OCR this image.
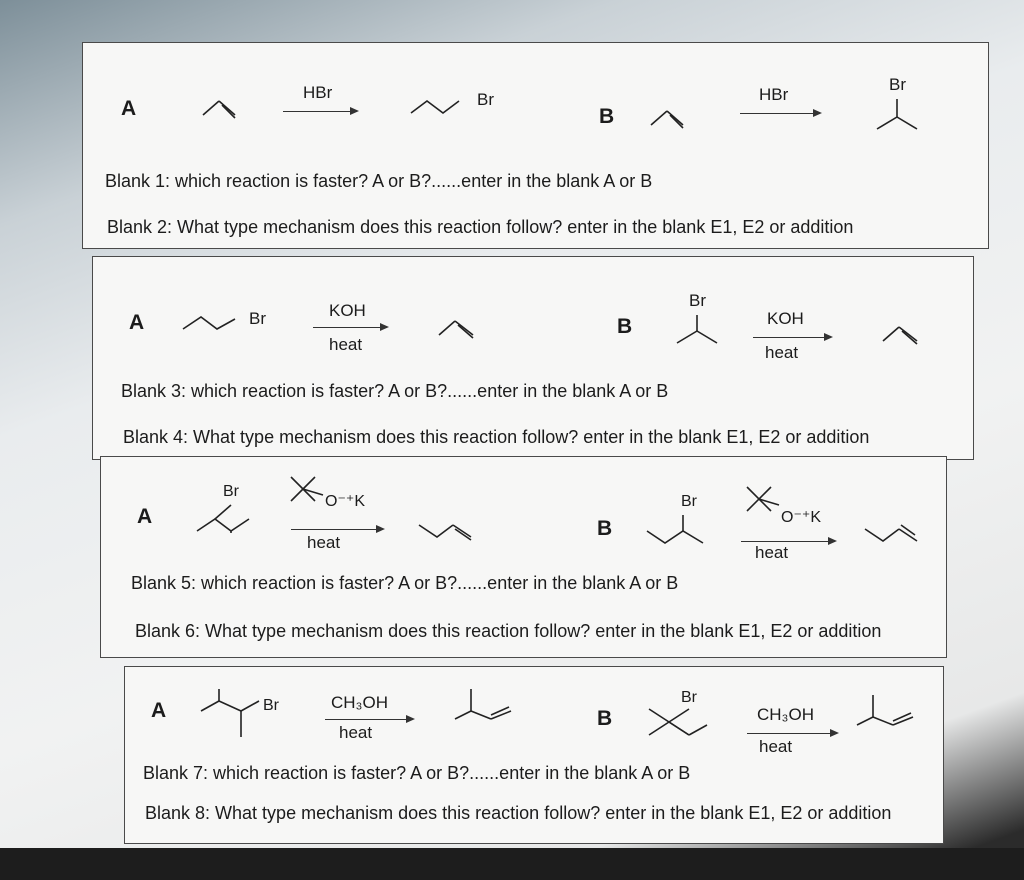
A
HBr	Br
B
HBr
Br
Blank 1: which reaction is faster? A or B?......enter in the blank A or B
Blank 2: What type mechanism does this reaction follow? enter in the blank E1, E2 or addition
A	Br	KOH
heat
B
Br
KOH
heat
Blank 3: which reaction is faster? A or B?......enter in the blank A or B
Blank 4: What type mechanism does this reaction follow? enter in the blank E1, E2 or addition
A
Br
O⁻⁺K
heat
B
Br
O⁻⁺K
heat
Blank 5: which reaction is faster? A or B?......enter in the blank A or B
Blank 6: What type mechanism does this reaction follow? enter in the blank E1, E2 or addition
A	Br	CH₃OH
heat
B
Br
CH₃OH
heat
Blank 7: which reaction is faster? A or B?......enter in the blank A or B
Blank 8: What type mechanism does this reaction follow? enter in the blank E1, E2 or addition
